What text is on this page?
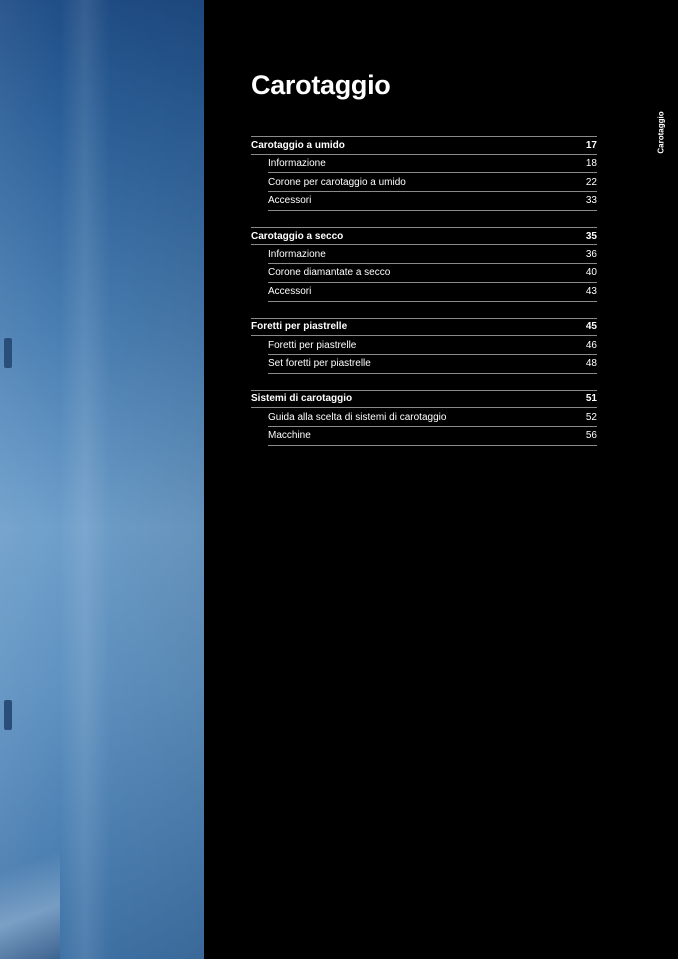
Carotaggio
Carotaggio
Carotaggio a umido	17
Informazione	18
Corone per carotaggio a umido	22
Accessori	33
Carotaggio a secco	35
Informazione	36
Corone diamantate a secco	40
Accessori	43
Foretti per piastrelle	45
Foretti per piastrelle	46
Set foretti per piastrelle	48
Sistemi di carotaggio	51
Guida alla scelta di sistemi di carotaggio	52
Macchine	56
